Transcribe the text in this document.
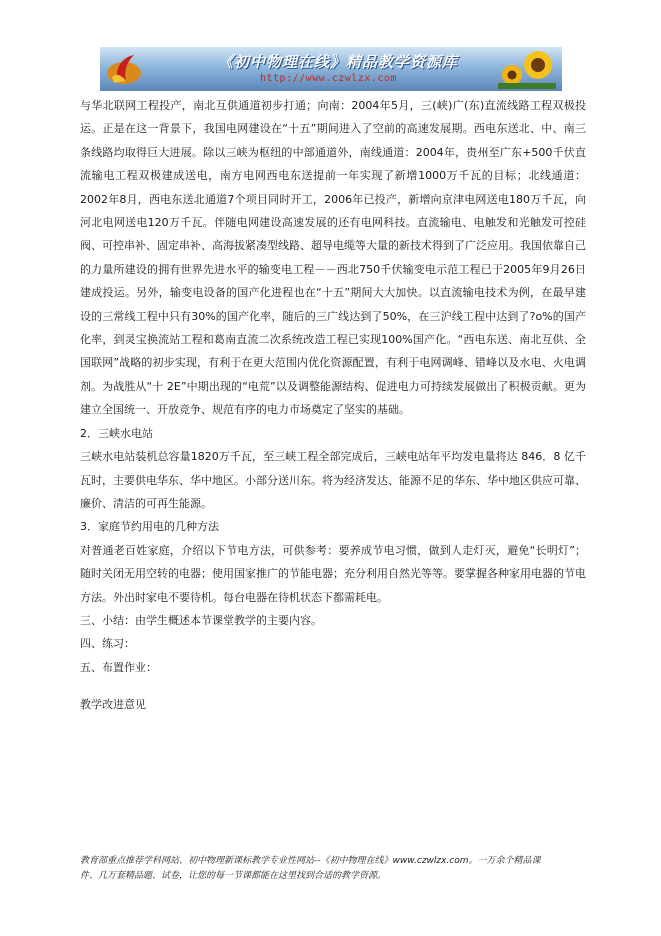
《初中物理在线》精品教学资源库
http://www.czwlzx.com

与华北联网工程投产，南北互供通道初步打通；向南：2004年5月，三(峡)广(东)直流线路工程双极投运。正是在这一背景下，我国电网建设在“十五”期间进入了空前的高速发展期。西电东送北、中、南三条线路均取得巨大进展。除以三峡为枢纽的中部通道外，南线通道：2004年，贵州至广东+500千伏直流输电工程双极建成送电，南方电网西电东送提前一年实现了新增1000万千瓦的目标；北线通道：2002年8月，西电东送北通道7个项目同时开工，2006年已投产，新增向京津电网送电180万千瓦，向河北电网送电120万千瓦。伴随电网建设高速发展的还有电网科技。直流输电、电触发和光触发可控硅阀、可控串补、固定串补、高海拔紧凑型线路、超导电缆等大量的新技术得到了广泛应用。我国依靠自己的力量所建设的拥有世界先进水平的输变电工程－－西北750千伏输变电示范工程已于2005年9月26日建成投运。另外，输变电设备的国产化进程也在“十五”期间大大加快。以直流输电技术为例，在最早建设的三常线工程中只有30%的国产化率，随后的三广线达到了50%，在三沪线工程中达到了?o%的国产化率，到灵宝换流站工程和葛南直流二次系统改造工程已实现100%国产化。“西电东送、南北互供、全国联网”战略的初步实现，有利于在更大范围内优化资源配置，有利于电网调峰、错峰以及水电、火电调剂。为战胜从“十 2E”中期出现的“电荒”以及调整能源结构、促进电力可持续发展做出了积极贡献。更为建立全国统一、开放竞争、规范有序的电力市场奠定了坚实的基础。

2．三峡水电站

三峡水电站装机总容量1820万千瓦，至三峡工程全部完成后，三峡电站年平均发电量将达 846．8 亿千瓦时，主要供电华东、华中地区。小部分送川东。将为经济发达、能源不足的华东、华中地区供应可靠、廉价、清洁的可再生能源。

3．家庭节约用电的几种方法

对普通老百姓家庭，介绍以下节电方法，可供参考：要养成节电习惯，做到人走灯灭，避免“长明灯”；随时关闭无用空转的电器；使用国家推广的节能电器；充分利用自然光等等。要掌握各种家用电器的节电方法。外出时家电不要待机。每台电器在待机状态下都需耗电。

三、小结：由学生概述本节课堂教学的主要内容。

四、练习：

五、布置作业：

教学改进意见
教育部重点推荐学科网站、初中物理新课标教学专业性网站--《初中物理在线》www.czwlzx.com。一万余个精品课
件、几万套精品题、试卷，让您的每一节课都能在这里找到合适的教学资源。
